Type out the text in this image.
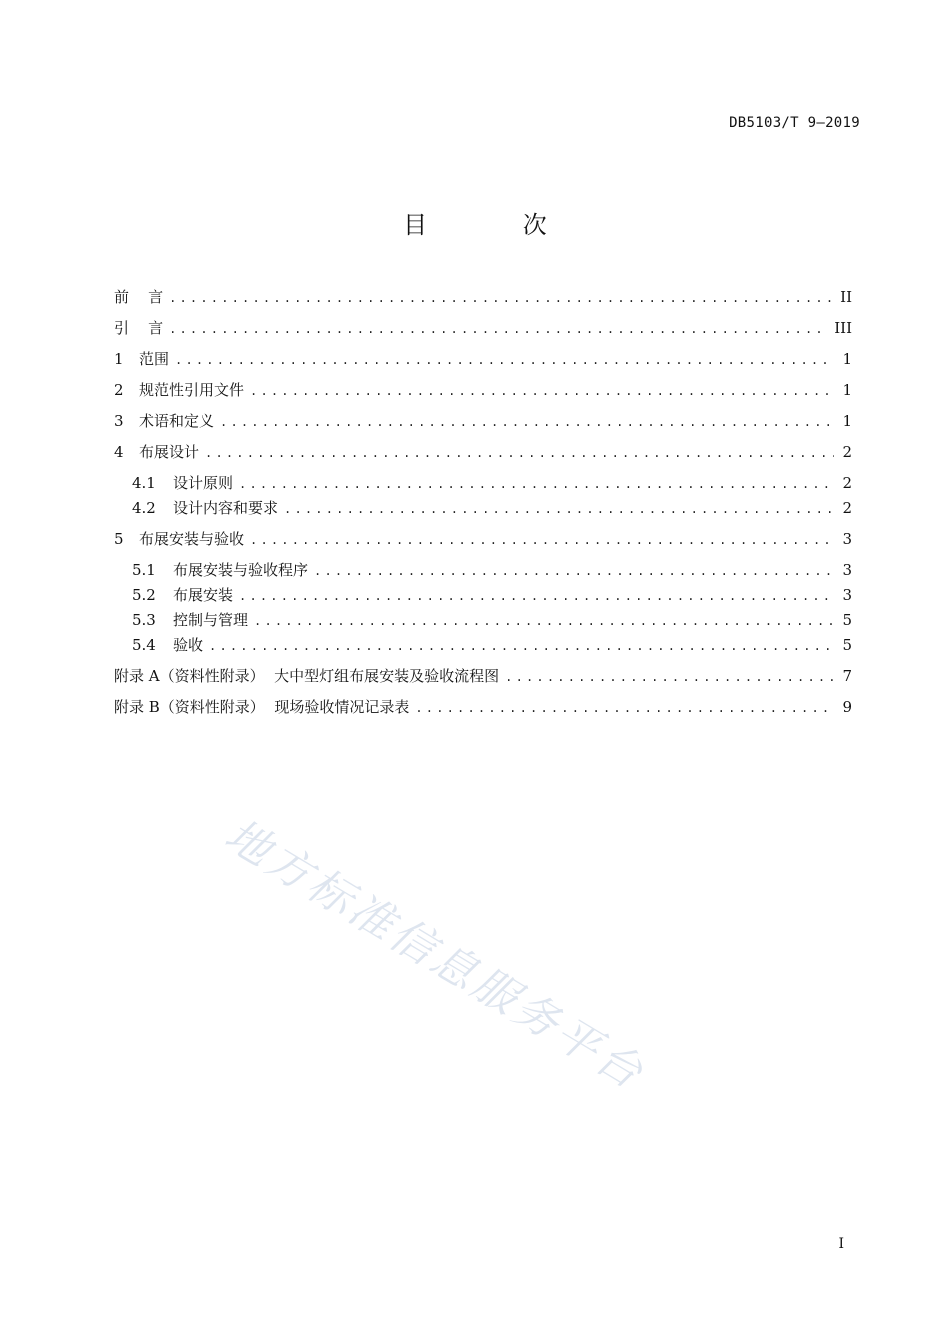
DB5103/T 9—2019
目 次
前    言 .....	II
引    言 .....	III
1	范围 .....	1
2	规范性引用文件 .....	1
3	术语和定义 .....	1
4	布展设计 .....	2
4.1	设计原则 .....	2
4.2	设计内容和要求 .....	2
5	布展安装与验收 .....	3
5.1	布展安装与验收程序 .....	3
5.2	布展安装 .....	3
5.3	控制与管理 .....	5
5.4	验收 .....	5
附录 A（资料性附录）  大中型灯组布展安装及验收流程图 .....	7
附录 B（资料性附录）  现场验收情况记录表 .....	9
地方标准信息服务平台
I
